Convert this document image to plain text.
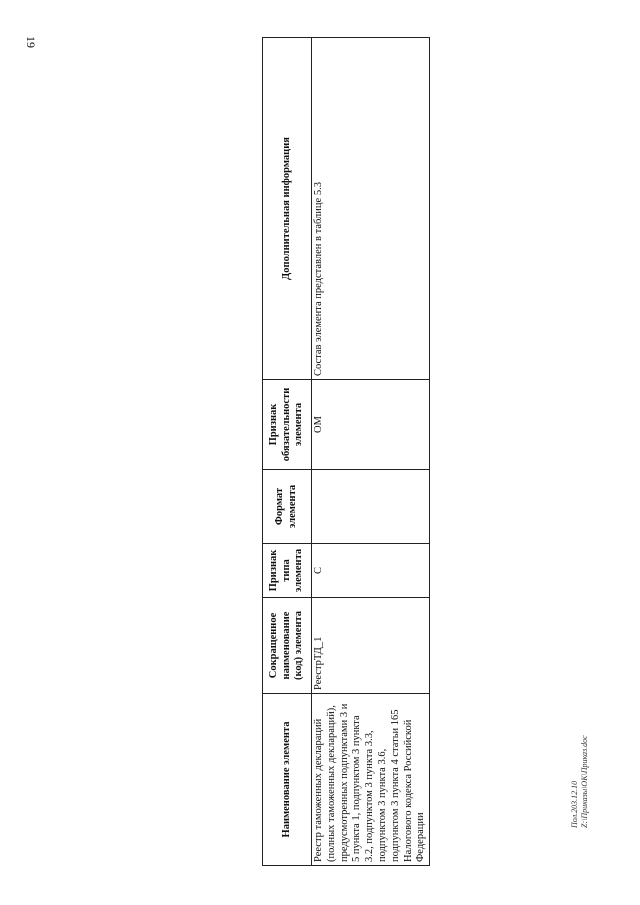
19
Наименование элемента	Сокращенное наименование (код) элемента	Признак типа элемента	Формат элемента	Признак обязательности элемента	Дополнительная информация
Реестр таможенных деклараций (полных таможенных деклараций), предусмотренных подпунктами 3 и 5 пункта 1, подпунктом 3 пункта 3.2, подпунктом 3 пункта 3.3, подпунктом 3 пункта 3.6, подпунктом 3 пункта 4 статьи 165 Налогового кодекса Российской Федерации	РеестрТД_1	С		ОМ	Состав элемента представлен в таблице 5.3
Пол.203.12.10 Z:\Приказы\ОК\Приказ.doc
